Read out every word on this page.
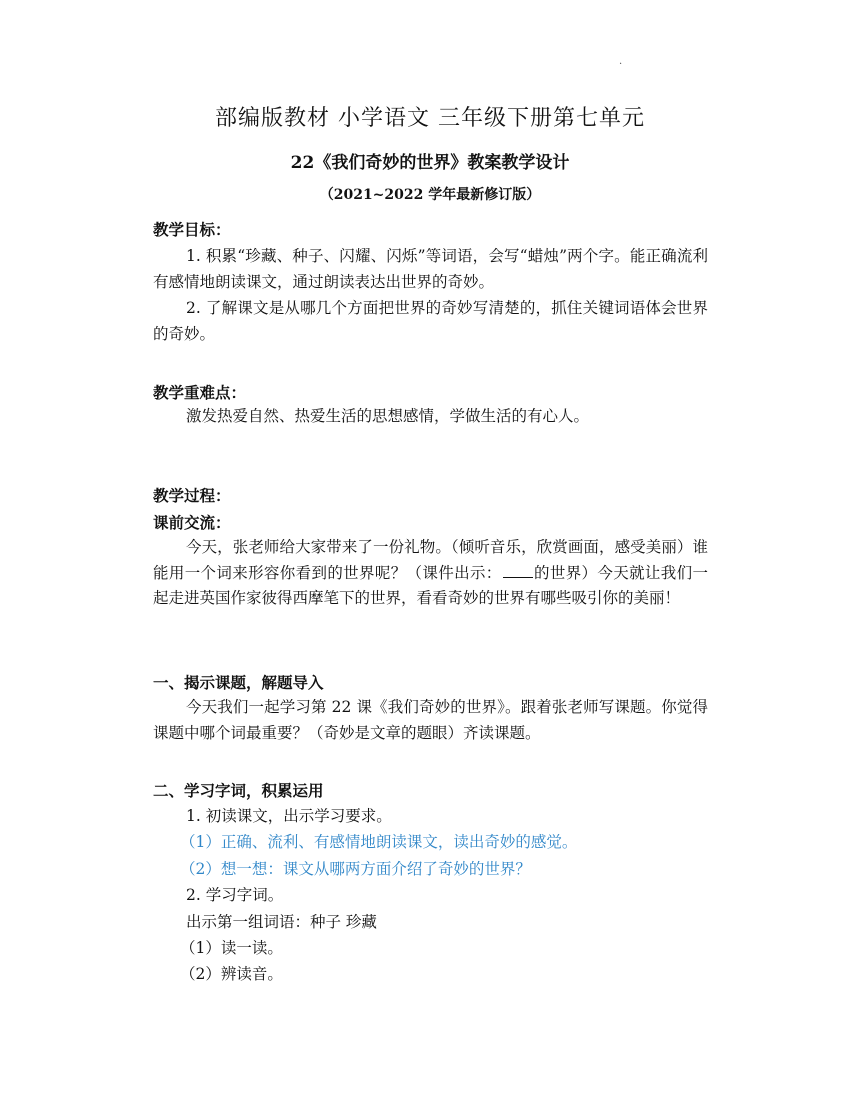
.
部编版教材 小学语文 三年级下册第七单元
22《我们奇妙的世界》教案教学设计
（2021~2022 学年最新修订版）
教学目标：
1. 积累“珍藏、种子、闪耀、闪烁”等词语，会写“蜡烛”两个字。能正确流利有感情地朗读课文，通过朗读表达出世界的奇妙。
2. 了解课文是从哪几个方面把世界的奇妙写清楚的，抓住关键词语体会世界的奇妙。
教学重难点：
激发热爱自然、热爱生活的思想感情，学做生活的有心人。
教学过程：
课前交流：
今天，张老师给大家带来了一份礼物。（倾听音乐，欣赏画面，感受美丽）谁能用一个词来形容你看到的世界呢？（课件出示： 的世界）今天就让我们一起走进英国作家彼得西摩笔下的世界，看看奇妙的世界有哪些吸引你的美丽！
一、揭示课题，解题导入
今天我们一起学习第 22 课《我们奇妙的世界》。跟着张老师写课题。你觉得课题中哪个词最重要？（奇妙是文章的题眼）齐读课题。
二、学习字词，积累运用
1. 初读课文，出示学习要求。
（1）正确、流利、有感情地朗读课文，读出奇妙的感觉。
（2）想一想：课文从哪两方面介绍了奇妙的世界？
2. 学习字词。
出示第一组词语：种子 珍藏
（1）读一读。
（2）辨读音。
